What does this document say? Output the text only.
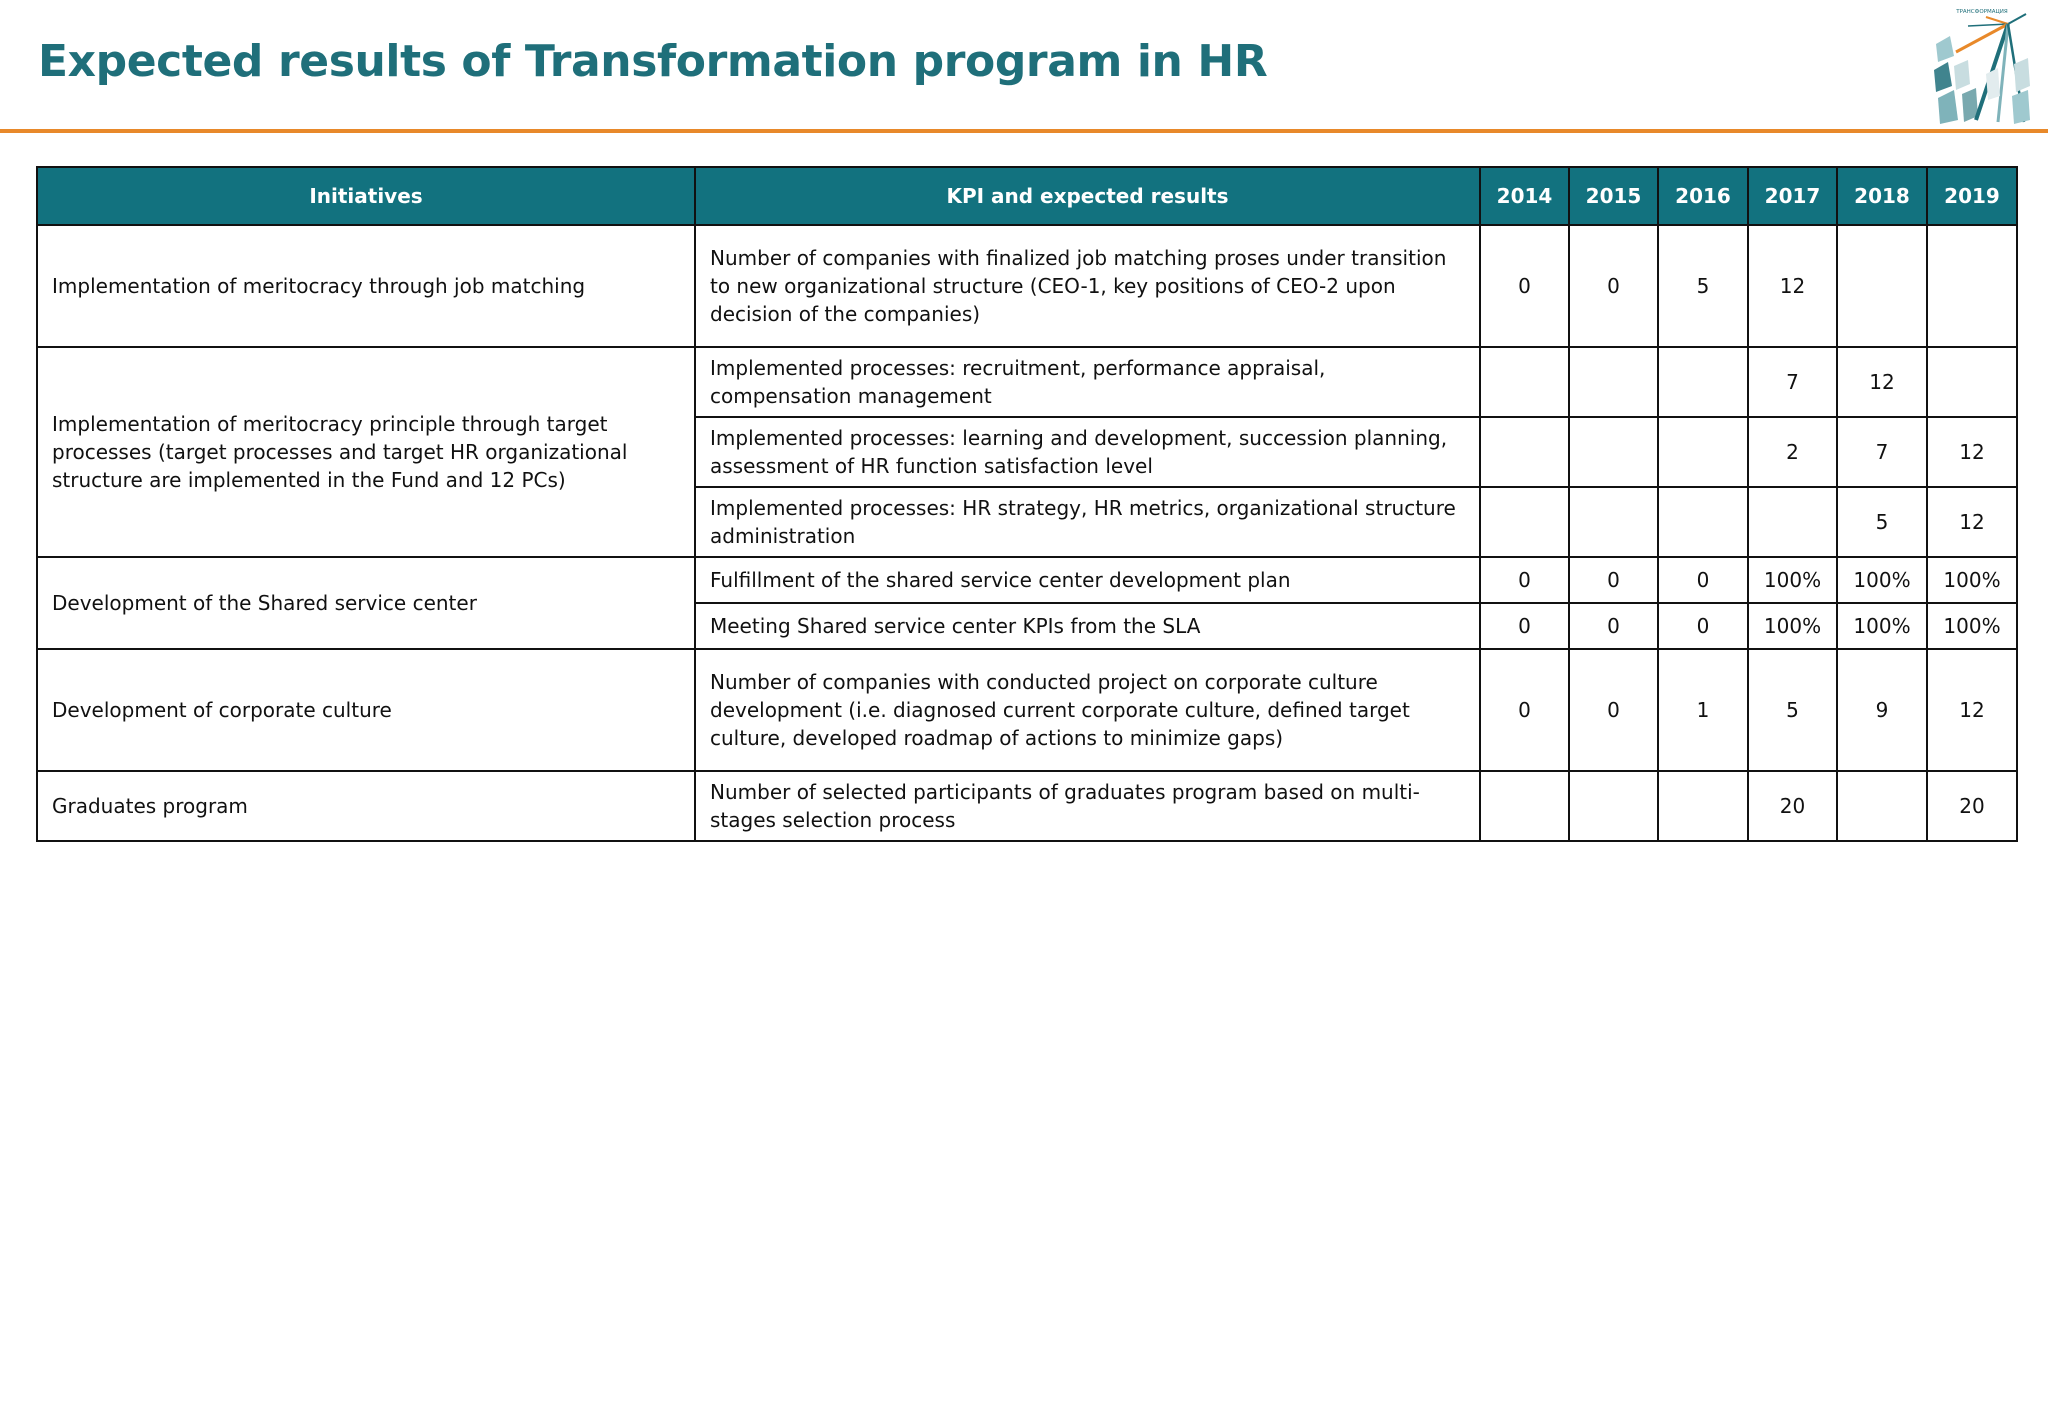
Expected results of Transformation program in HR
ТРАНСФОРМАЦИЯ
Initiatives	KPI and expected results	2014	2015	2016	2017	2018	2019
Implementation of meritocracy through job matching	Number of companies with finalized job matching proses under transition to new organizational structure (CEO-1, key positions of CEO-2 upon decision of the companies)	0	0	5	12		
Implementation of meritocracy principle through target processes (target processes and target HR organizational structure are implemented in the Fund and 12 PCs)	Implemented processes: recruitment, performance appraisal, compensation management				7	12	
	Implemented processes: learning and development, succession planning, assessment of HR function satisfaction level				2	7	12
	Implemented processes: HR strategy, HR metrics, organizational structure administration					5	12
Development of the Shared service center	Fulfillment of the shared service center development plan	0	0	0	100%	100%	100%
	Meeting Shared service center KPIs from the SLA	0	0	0	100%	100%	100%
Development of corporate culture	Number of companies with conducted project on corporate culture development (i.e. diagnosed current corporate culture, defined target culture, developed roadmap of actions to minimize gaps)	0	0	1	5	9	12
Graduates program	Number of selected participants of graduates program based on multi-stages selection process				20		20
